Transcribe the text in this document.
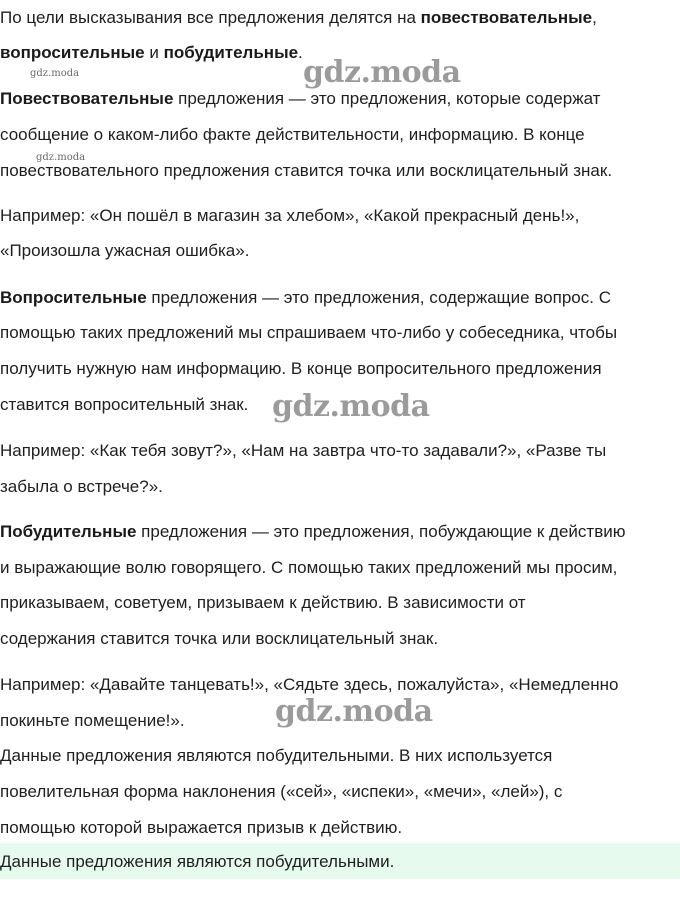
По цели высказывания все предложения делятся на повествовательные,
вопросительные и побудительные.
Повествовательные предложения — это предложения, которые содержат
сообщение о каком-либо факте действительности, информацию. В конце
повествовательного предложения ставится точка или восклицательный знак.
Например: «Он пошёл в магазин за хлебом», «Какой прекрасный день!»,
«Произошла ужасная ошибка».
Вопросительные предложения — это предложения, содержащие вопрос. С
помощью таких предложений мы спрашиваем что-либо у собеседника, чтобы
получить нужную нам информацию. В конце вопросительного предложения
ставится вопросительный знак.
Например: «Как тебя зовут?», «Нам на завтра что-то задавали?», «Разве ты
забыла о встрече?».
Побудительные предложения — это предложения, побуждающие к действию
и выражающие волю говорящего. С помощью таких предложений мы просим,
приказываем, советуем, призываем к действию. В зависимости от
содержания ставится точка или восклицательный знак.
Например: «Давайте танцевать!», «Сядьте здесь, пожалуйста», «Немедленно
покиньте помещение!».
Данные предложения являются побудительными. В них используется
повелительная форма наклонения («сей», «испеки», «мечи», «лей»), с
помощью которой выражается призыв к действию.
Данные предложения являются побудительными.
gdz.moda
gdz.moda
gdz.moda
gdz.moda
gdz.moda
